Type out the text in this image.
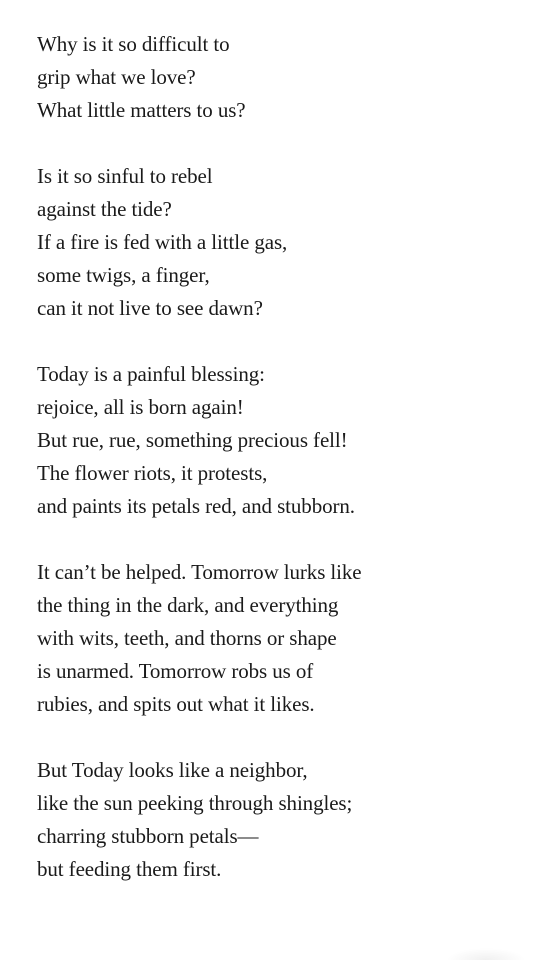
Why is it so difficult to
grip what we love?
What little matters to us?
Is it so sinful to rebel
against the tide?
If a fire is fed with a little gas,
some twigs, a finger,
can it not live to see dawn?
Today is a painful blessing:
rejoice, all is born again!
But rue, rue, something precious fell!
The flower riots, it protests,
and paints its petals red, and stubborn.
It can’t be helped. Tomorrow lurks like
the thing in the dark, and everything
with wits, teeth, and thorns or shape
is unarmed. Tomorrow robs us of
rubies, and spits out what it likes.
But Today looks like a neighbor,
like the sun peeking through shingles;
charring stubborn petals—
but feeding them first.
